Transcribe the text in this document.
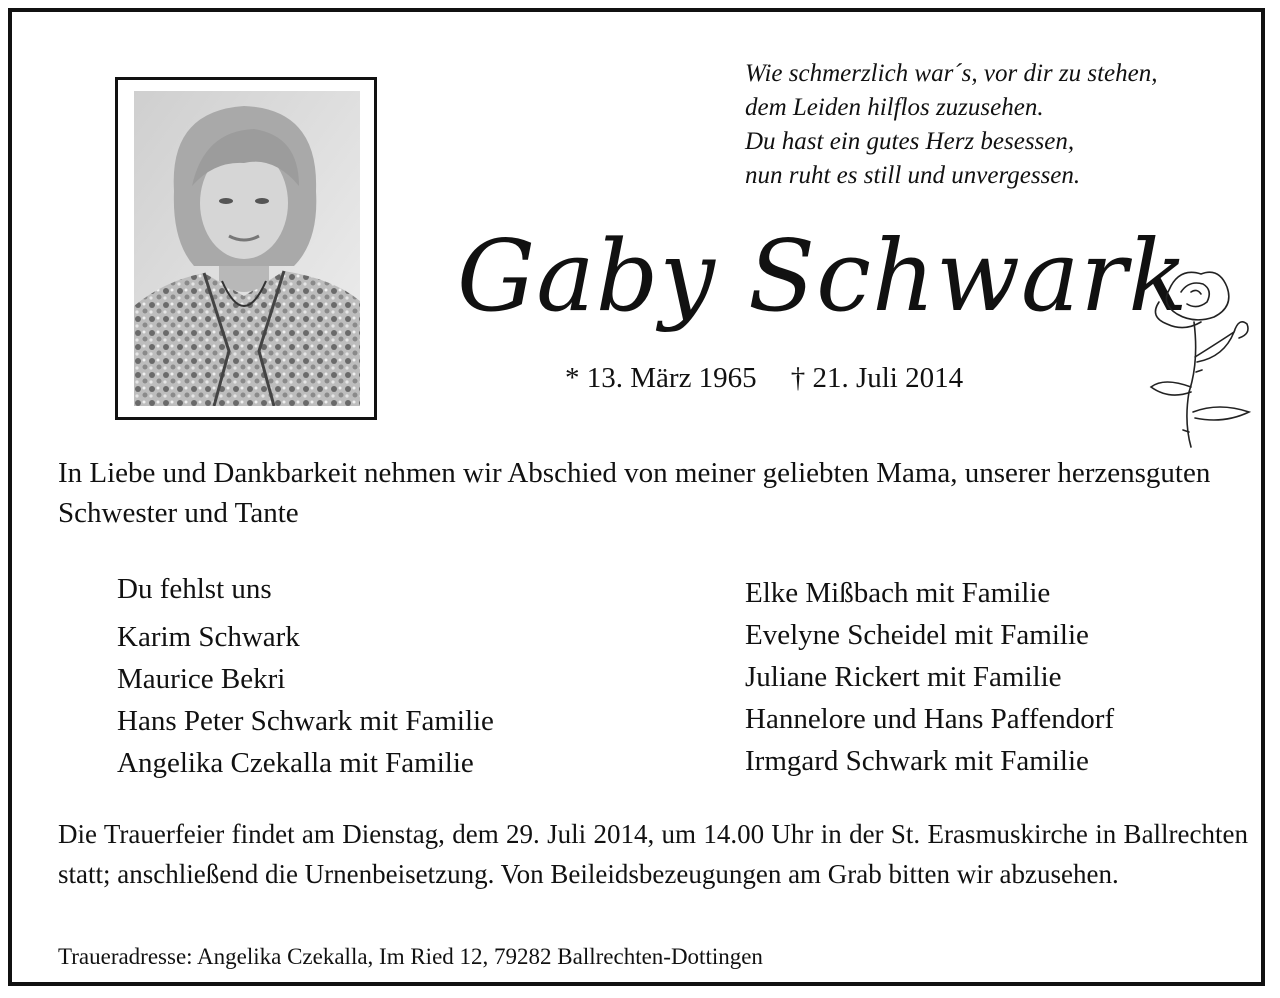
Wie schmerzlich war´s, vor dir zu stehen,
dem Leiden hilflos zuzusehen.
Du hast ein gutes Herz besessen,
nun ruht es still und unvergessen.
Gaby Schwark
* 13. März 1965 † 21. Juli 2014
In Liebe und Dankbarkeit nehmen wir Abschied von meiner geliebten Mama, unserer herzensguten Schwester und Tante
Du fehlst uns
Karim Schwark
Maurice Bekri
Hans Peter Schwark mit Familie
Angelika Czekalla mit Familie
Elke Mißbach mit Familie
Evelyne Scheidel mit Familie
Juliane Rickert mit Familie
Hannelore und Hans Paffendorf
Irmgard Schwark mit Familie
Die Trauerfeier findet am Dienstag, dem 29. Juli 2014, um 14.00 Uhr in der St. Erasmuskirche in Ballrechten statt; anschließend die Urnenbeisetzung. Von Beileidsbezeugungen am Grab bitten wir abzusehen.
Traueradresse: Angelika Czekalla, Im Ried 12, 79282 Ballrechten-Dottingen
